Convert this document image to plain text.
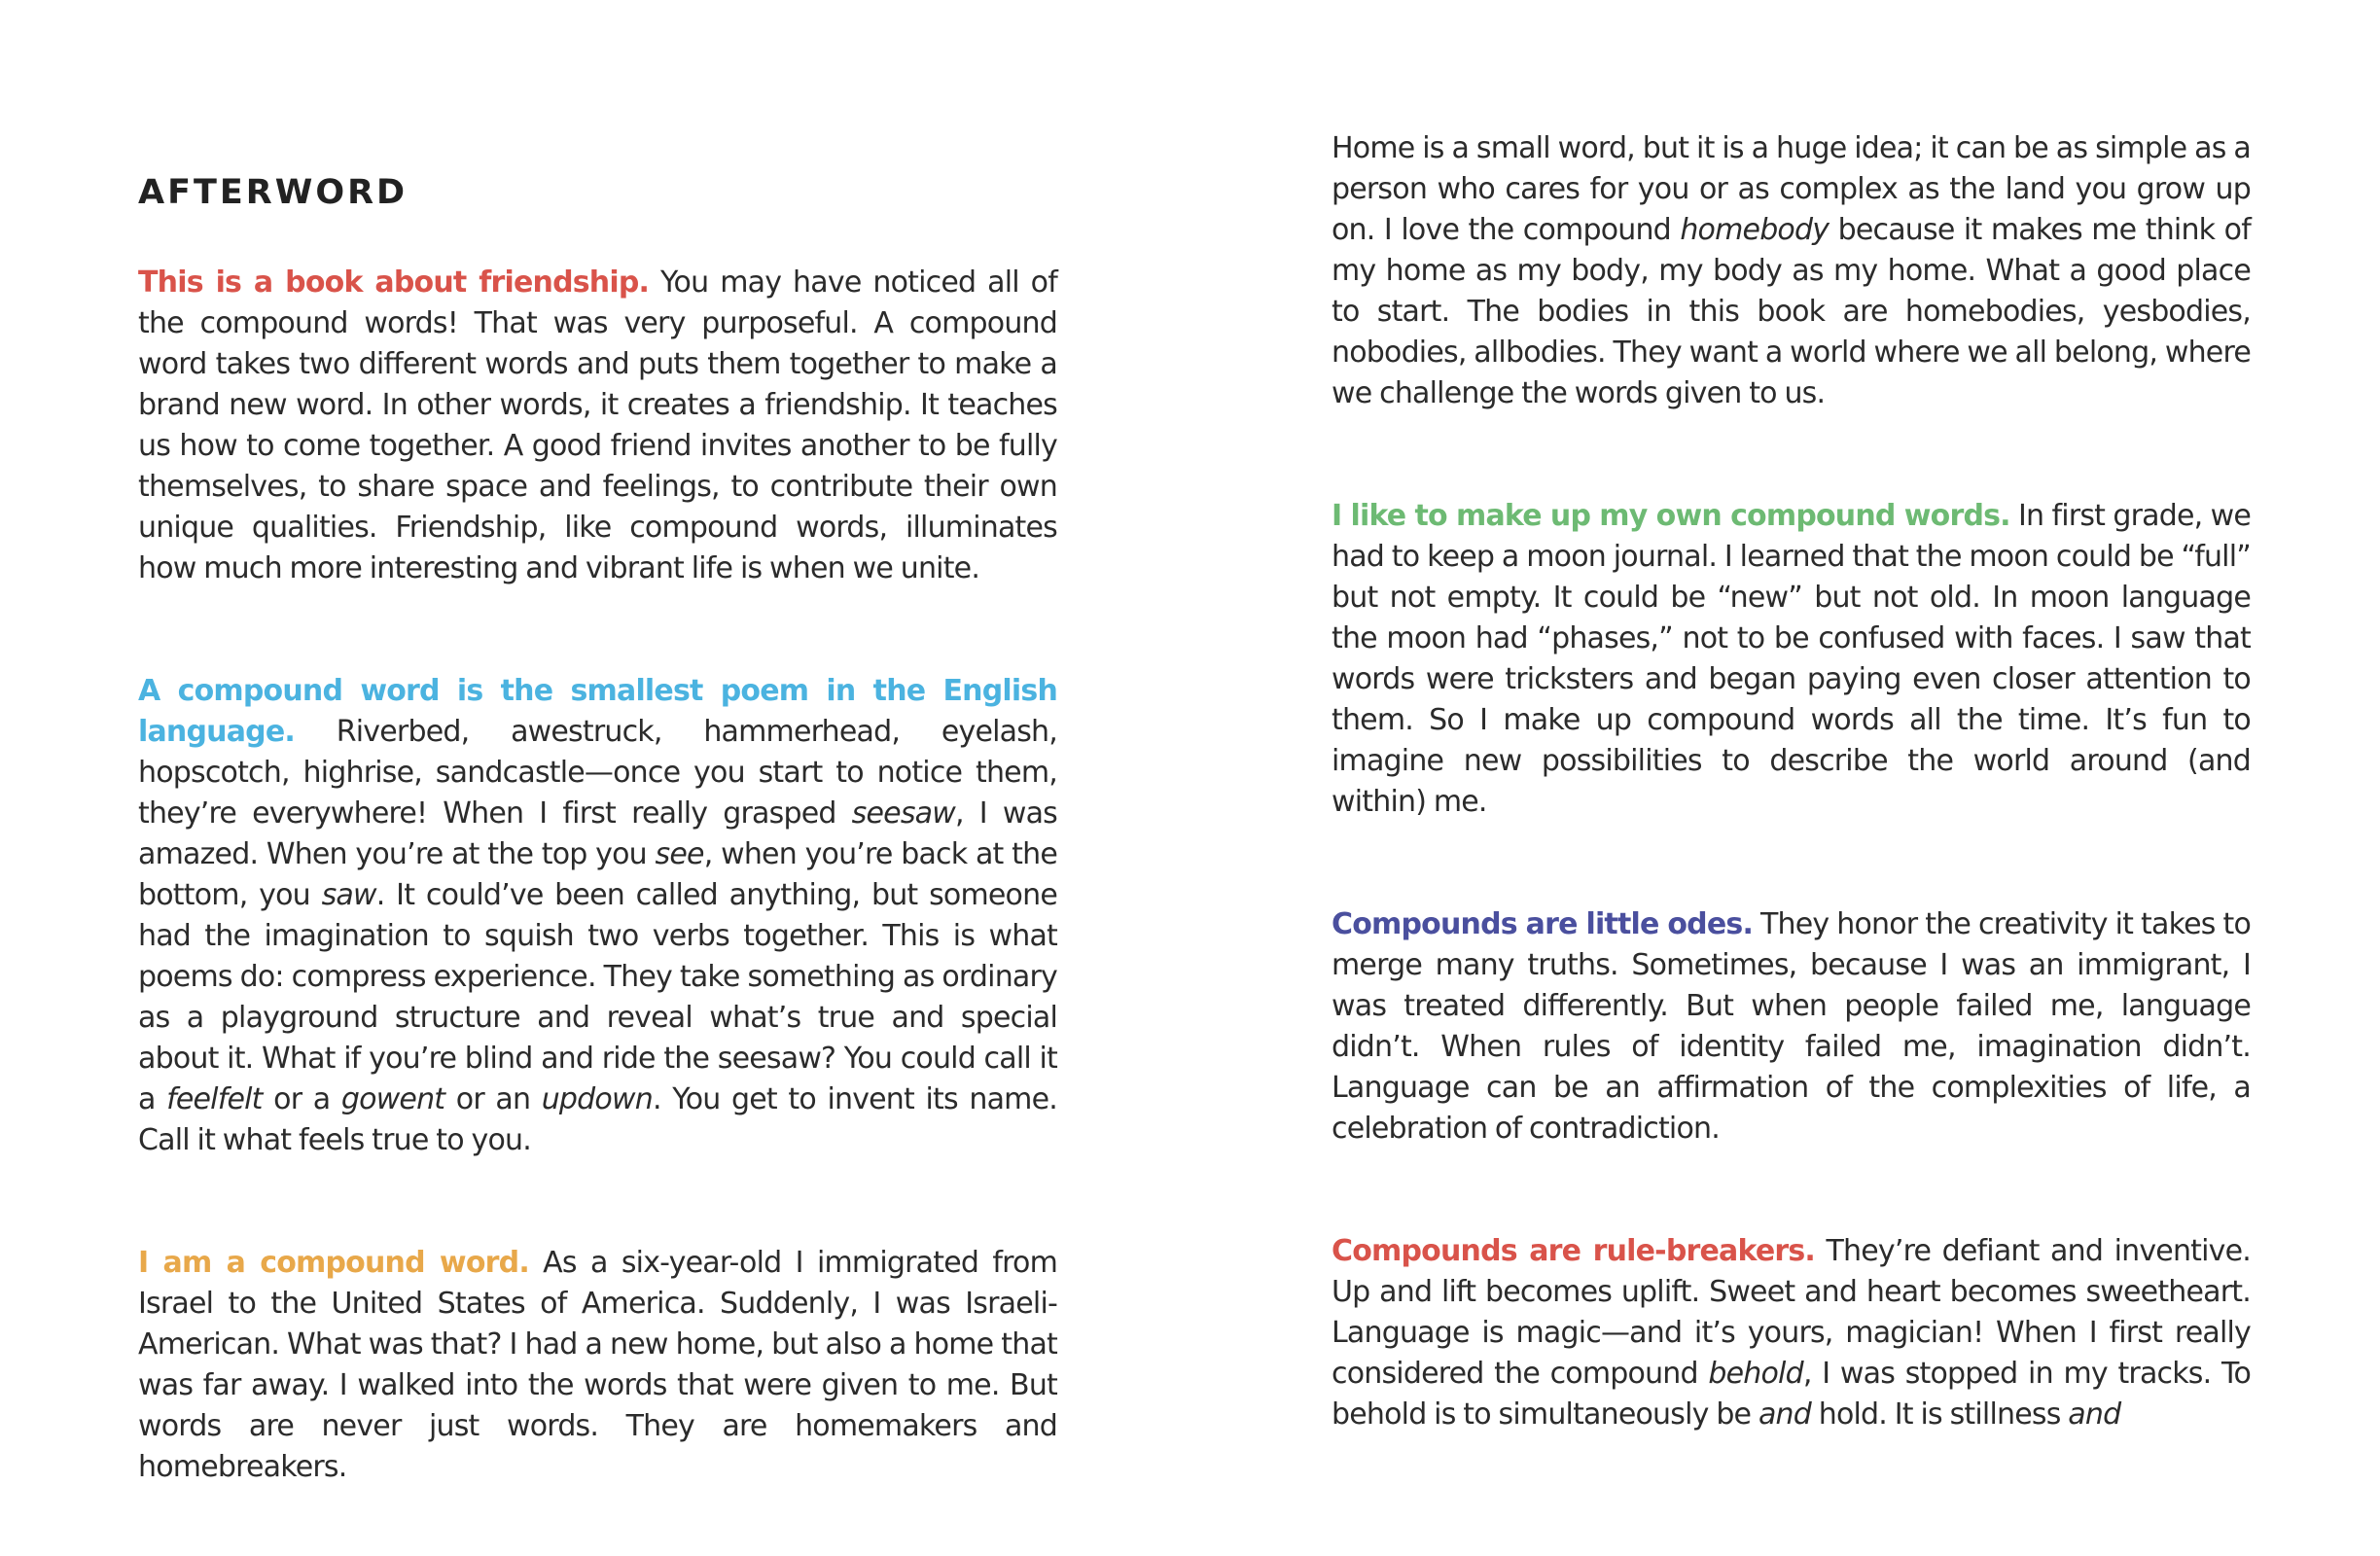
AFTERWORD

This is a book about friendship. You may have noticed all of the compound words! That was very purposeful. A compound word takes two different words and puts them together to make a brand new word. In other words, it creates a friendship. It teaches us how to come together. A good friend invites another to be fully themselves, to share space and feelings, to contribute their own unique qualities. Friendship, like compound words, illuminates how much more interesting and vibrant life is when we unite.

A compound word is the smallest poem in the English language. Riverbed, awestruck, hammerhead, eyelash, hopscotch, highrise, sandcastle—once you start to notice them, they’re everywhere! When I first really grasped seesaw, I was amazed. When you’re at the top you see, when you’re back at the bottom, you saw. It could’ve been called anything, but someone had the imagination to squish two verbs together. This is what poems do: compress experience. They take something as ordinary as a playground structure and reveal what’s true and special about it. What if you’re blind and ride the seesaw? You could call it a feelfelt or a gowent or an updown. You get to invent its name. Call it what feels true to you.

I am a compound word. As a six-year-old I immigrated from Israel to the United States of America. Suddenly, I was Israeli-American. What was that? I had a new home, but also a home that was far away. I walked into the words that were given to me. But words are never just words. They are homemakers and homebreakers.

Home is a small word, but it is a huge idea; it can be as simple as a person who cares for you or as complex as the land you grow up on. I love the compound homebody because it makes me think of my home as my body, my body as my home. What a good place to start. The bodies in this book are homebodies, yesbodies, nobodies, allbodies. They want a world where we all belong, where we challenge the words given to us.

I like to make up my own compound words. In first grade, we had to keep a moon journal. I learned that the moon could be “full” but not empty. It could be “new” but not old. In moon language the moon had “phases,” not to be confused with faces. I saw that words were tricksters and began paying even closer attention to them. So I make up compound words all the time. It’s fun to imagine new possibilities to describe the world around (and within) me.

Compounds are little odes. They honor the creativity it takes to merge many truths. Sometimes, because I was an immigrant, I was treated differently. But when people failed me, language didn’t. When rules of identity failed me, imagination didn’t. Language can be an affirmation of the complexities of life, a celebration of contradiction.

Compounds are rule-breakers. They’re defiant and inventive. Up and lift becomes uplift. Sweet and heart becomes sweetheart. Language is magic—and it’s yours, magician! When I first really considered the compound behold, I was stopped in my tracks. To behold is to simultaneously be and hold. It is stillness and
